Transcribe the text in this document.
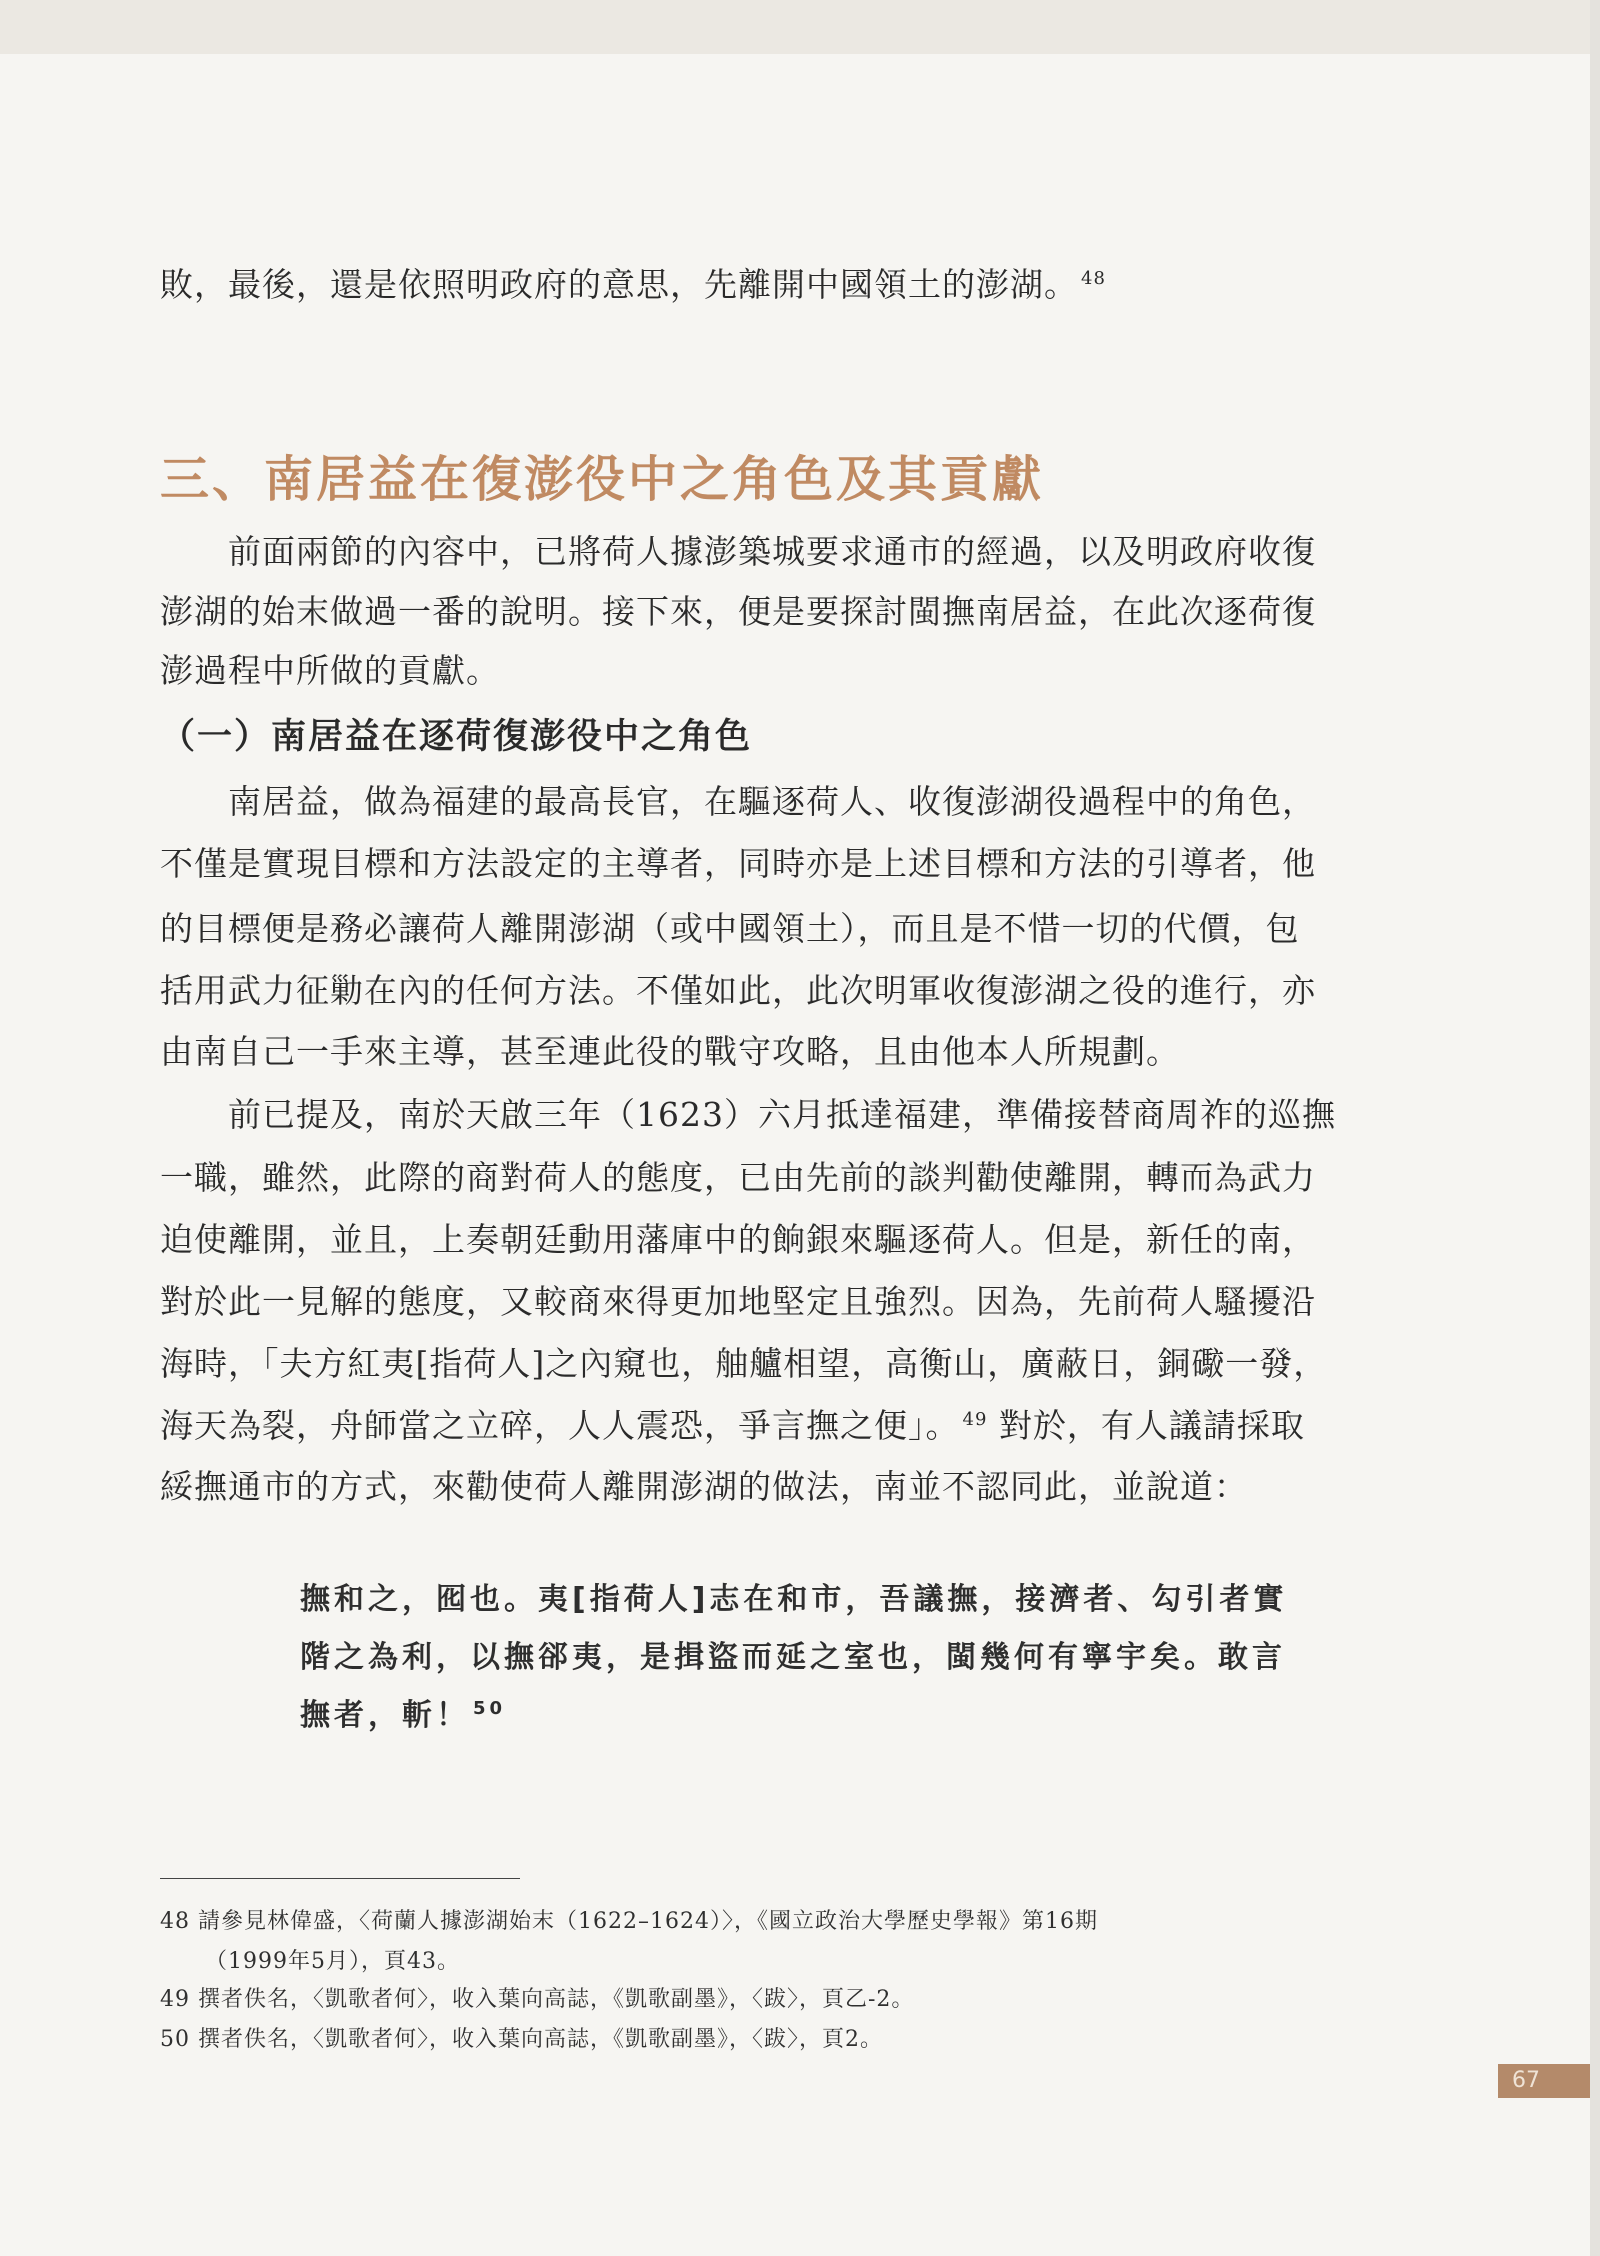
敗，最後，還是依照明政府的意思，先離開中國領土的澎湖。 $^{48}$
三、南居益在復澎役中之角色及其貢獻
前面兩節的內容中，已將荷人據澎築城要求通市的經過，以及明政府收復
澎湖的始末做過一番的說明。接下來，便是要探討閩撫南居益，在此次逐荷復
澎過程中所做的貢獻。
（一）南居益在逐荷復澎役中之角色
南居益，做為福建的最高長官，在驅逐荷人、收復澎湖役過程中的角色，
不僅是實現目標和方法設定的主導者，同時亦是上述目標和方法的引導者，他
的目標便是務必讓荷人離開澎湖（或中國領土），而且是不惜一切的代價，包
括用武力征勦在內的任何方法。不僅如此，此次明軍收復澎湖之役的進行，亦
由南自己一手來主導，甚至連此役的戰守攻略，且由他本人所規劃。
前已提及，南於天啟三年（1623）六月抵達福建，準備接替商周祚的巡撫
一職，雖然，此際的商對荷人的態度，已由先前的談判勸使離開，轉而為武力
迫使離開，並且，上奏朝廷動用藩庫中的餉銀來驅逐荷人。但是，新任的南，
對於此一見解的態度，又較商來得更加地堅定且強烈。因為，先前荷人騷擾沿
海時，「夫方紅夷[指荷人]之內窺也，舳艫相望，高衡山，廣蔽日，銅礮一發，
海天為裂，舟師當之立碎，人人震恐，爭言撫之便」。 $^{49}$ 對於，有人議請採取
綏撫通市的方式，來勸使荷人離開澎湖的做法，南並不認同此，並說道：
撫和之，囮也。夷[指荷人]志在和市，吾議撫，接濟者、勾引者實
階之為利，以撫郤夷，是揖盜而延之室也，閩幾何有寧宇矣。敢言
撫者，斬！ $^{50}$
48 請參見林偉盛，〈荷蘭人據澎湖始末（1622–1624）〉，《國立政治大學歷史學報》第16期
（1999年5月），頁43。
49 撰者佚名，〈凱歌者何〉，收入葉向高誌，《凱歌副墨》，〈跋〉，頁乙-2。
50 撰者佚名，〈凱歌者何〉，收入葉向高誌，《凱歌副墨》，〈跋〉，頁2。
67
